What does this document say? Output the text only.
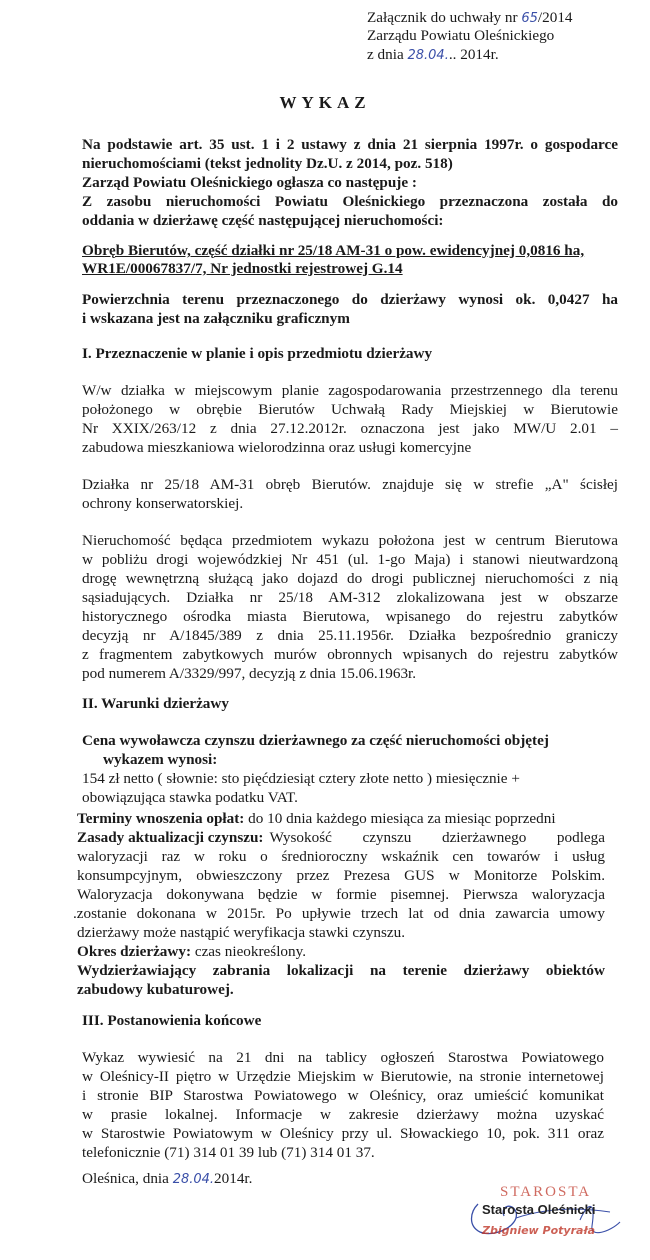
Załącznik do uchwały nr 65/2014
Zarządu Powiatu Oleśnickiego
z dnia 28.04... 2014r.
WYKAZ
Na podstawie art. 35 ust. 1 i 2 ustawy z dnia 21 sierpnia 1997r. o gospodarce
nieruchomościami (tekst jednolity Dz.U. z 2014, poz. 518)
Zarząd Powiatu Oleśnickiego ogłasza co następuje :
Z zasobu nieruchomości Powiatu Oleśnickiego przeznaczona została do
oddania w dzierżawę część następującej nieruchomości:
Obręb Bierutów, część działki nr 25/18 AM-31 o pow. ewidencyjnej 0,0816 ha,
WR1E/00067837/7, Nr jednostki rejestrowej G.14
Powierzchnia terenu przeznaczonego do dzierżawy wynosi ok. 0,0427 ha
i wskazana jest na załączniku graficznym
I. Przeznaczenie w planie i opis przedmiotu dzierżawy
W/w działka w miejscowym planie zagospodarowania przestrzennego dla terenu
położonego w obrębie Bierutów Uchwałą Rady Miejskiej w Bierutowie
Nr XXIX/263/12 z dnia 27.12.2012r. oznaczona jest jako MW/U 2.01 –
zabudowa mieszkaniowa wielorodzinna oraz usługi komercyjne
Działka nr 25/18 AM-31 obręb Bierutów. znajduje się w strefie „A" ścisłej
ochrony konserwatorskiej.
Nieruchomość będąca przedmiotem wykazu położona jest w centrum Bierutowa
w pobliżu drogi wojewódzkiej Nr 451 (ul. 1-go Maja) i stanowi nieutwardzoną
drogę wewnętrzną służącą jako dojazd do drogi publicznej nieruchomości z nią
sąsiadujących. Działka nr 25/18 AM-312 zlokalizowana jest w obszarze
historycznego ośrodka miasta Bierutowa, wpisanego do rejestru zabytków
decyzją nr A/1845/389 z dnia 25.11.1956r. Działka bezpośrednio graniczy
z fragmentem zabytkowych murów obronnych wpisanych do rejestru zabytków
pod numerem A/3329/997, decyzją z dnia 15.06.1963r.
II. Warunki dzierżawy
Cena wywoławcza czynszu dzierżawnego za część nieruchomości objętej
wykazem wynosi:
154 zł netto ( słownie: sto pięćdziesiąt cztery złote netto ) miesięcznie +
obowiązująca stawka podatku VAT.
Terminy wnoszenia opłat: do 10 dnia każdego miesiąca za miesiąc poprzedni
Zasady aktualizacji czynszu: Wysokość czynszu dzierżawnego podlega
waloryzacji raz w roku o średnioroczny wskaźnik cen towarów i usług
konsumpcyjnym, obwieszczony przez Prezesa GUS w Monitorze Polskim.
Waloryzacja dokonywana będzie w formie pisemnej. Pierwsza waloryzacja
.zostanie dokonana w 2015r. Po upływie trzech lat od dnia zawarcia umowy
dzierżawy może nastąpić weryfikacja stawki czynszu.
Okres dzierżawy: czas nieokreślony.
Wydzierżawiający zabrania lokalizacji na terenie dzierżawy obiektów
zabudowy kubaturowej.
III. Postanowienia końcowe
Wykaz wywiesić na 21 dni na tablicy ogłoszeń Starostwa Powiatowego
w Oleśnicy-II piętro w Urzędzie Miejskim w Bierutowie, na stronie internetowej
i stronie BIP Starostwa Powiatowego w Oleśnicy, oraz umieścić komunikat
w prasie lokalnej. Informacje w zakresie dzierżawy można uzyskać
w Starostwie Powiatowym w Oleśnicy przy ul. Słowackiego 10, pok. 311 oraz
telefonicznie (71) 314 01 39 lub (71) 314 01 37.
Oleśnica, dnia 28.04.2014r.
STAROSTA
Starosta Oleśnicki
Zbigniew Potyrała
